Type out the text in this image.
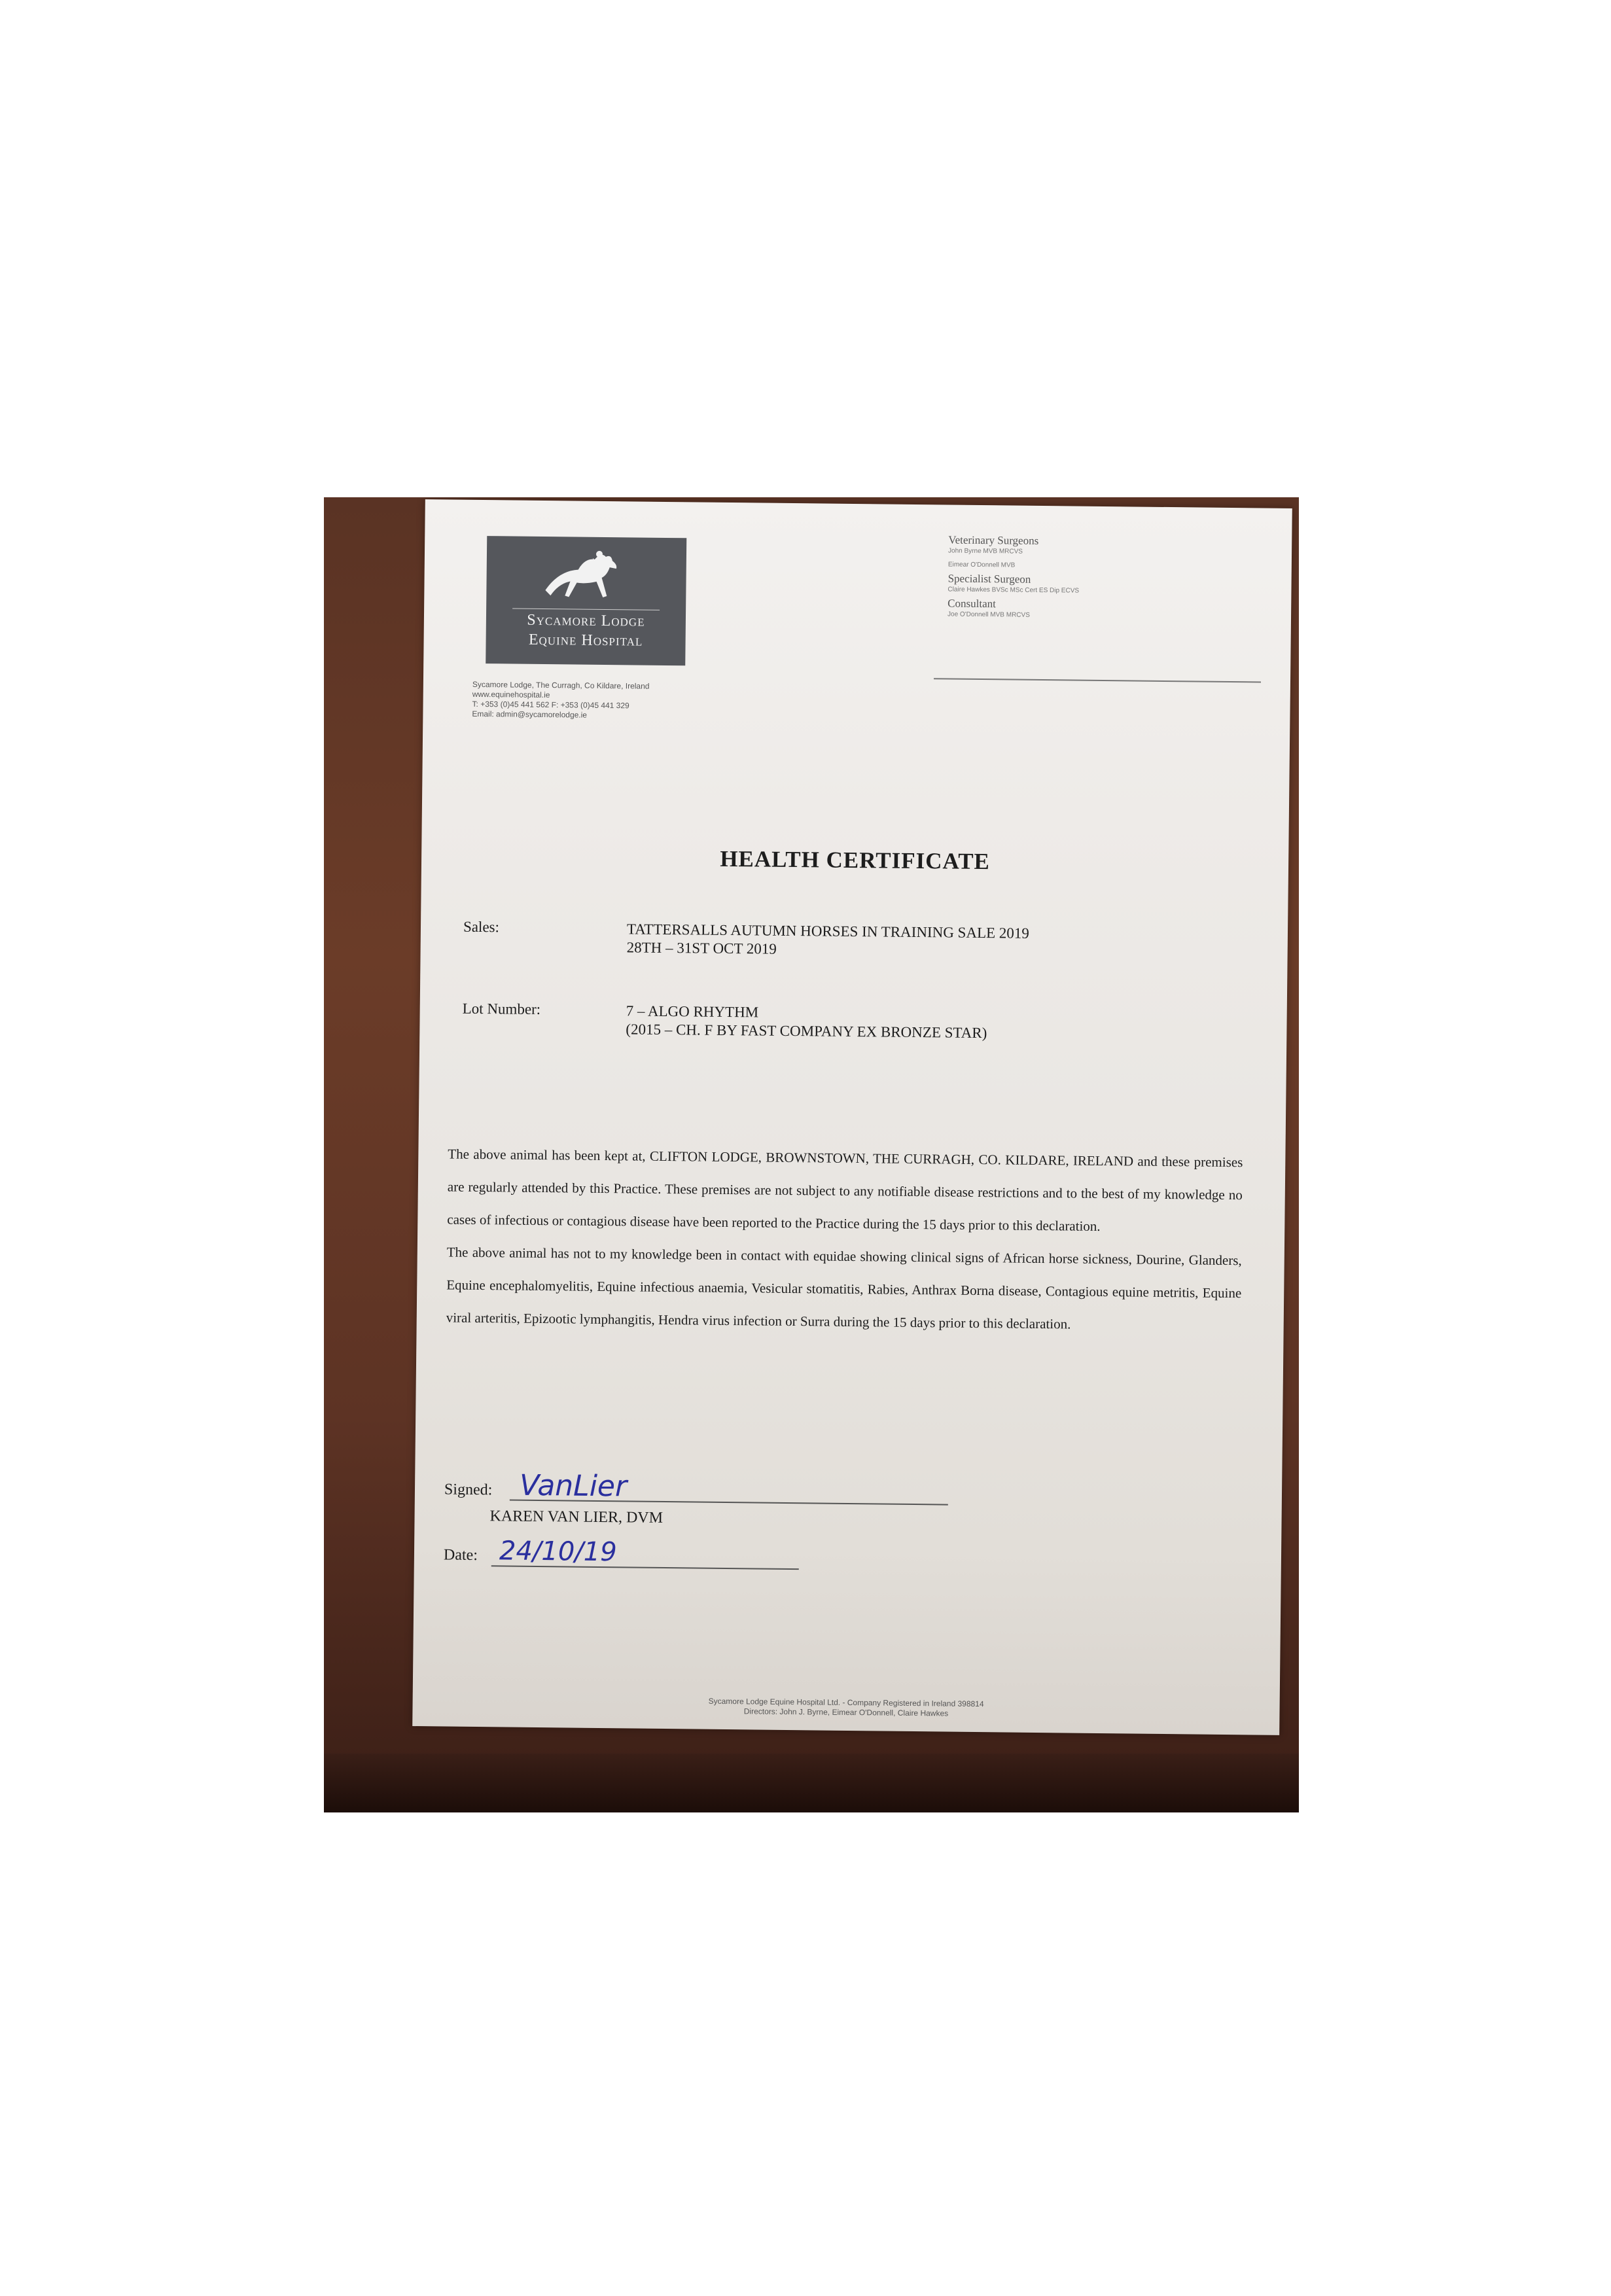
Sycamore Lodge
Equine Hospital
Sycamore Lodge, The Curragh, Co Kildare, Ireland
www.equinehospital.ie
T: +353 (0)45 441 562 F: +353 (0)45 441 329
Email: admin@sycamorelodge.ie
Veterinary Surgeons
John Byrne MVB MRCVS
Eimear O'Donnell MVB
Specialist Surgeon
Claire Hawkes BVSc MSc Cert ES Dip ECVS
Consultant
Joe O'Donnell MVB MRCVS
HEALTH CERTIFICATE
Sales:	TATTERSALLS AUTUMN HORSES IN TRAINING SALE 2019
28TH – 31ST OCT 2019
Lot Number:	7 – ALGO RHYTHM
(2015 – CH. F BY FAST COMPANY EX BRONZE STAR)
The above animal has been kept at, CLIFTON LODGE, BROWNSTOWN, THE CURRAGH, CO. KILDARE, IRELAND and these premises are regularly attended by this Practice. These premises are not subject to any notifiable disease restrictions and to the best of my knowledge no cases of infectious or contagious disease have been reported to the Practice during the 15 days prior to this declaration.
The above animal has not to my knowledge been in contact with equidae showing clinical signs of African horse sickness, Dourine, Glanders, Equine encephalomyelitis, Equine infectious anaemia, Vesicular stomatitis, Rabies, Anthrax Borna disease, Contagious equine metritis, Equine viral arteritis, Epizootic lymphangitis, Hendra virus infection or Surra during the 15 days prior to this declaration.
Signed: VanLier
KAREN VAN LIER, DVM
Date: 24/10/19
Sycamore Lodge Equine Hospital Ltd. - Company Registered in Ireland 398814
Directors: John J. Byrne, Eimear O'Donnell, Claire Hawkes
